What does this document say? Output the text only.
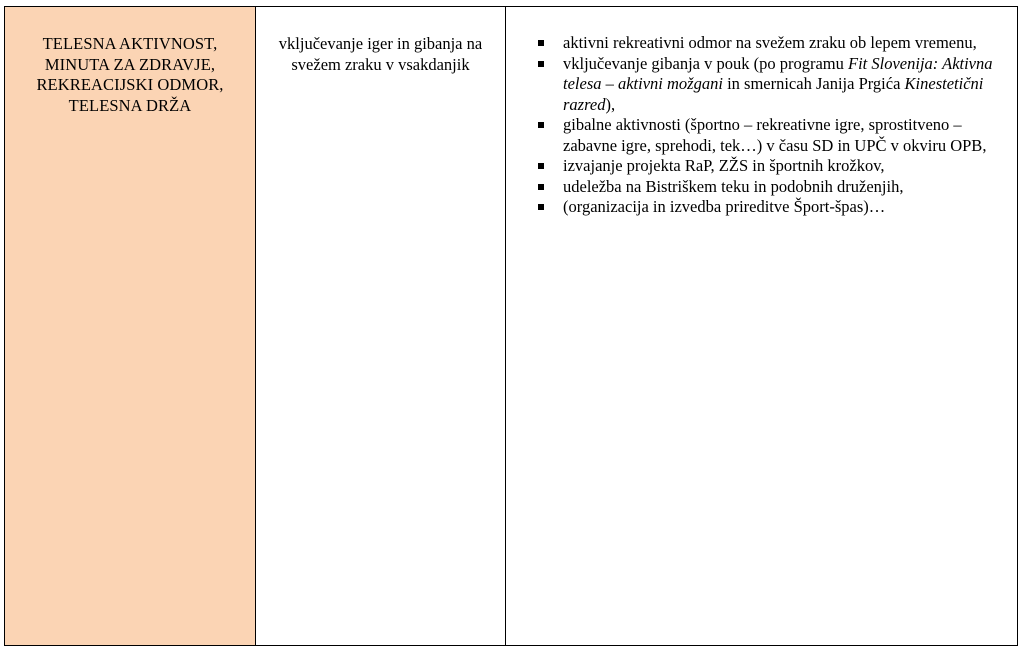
TELESNA AKTIVNOST, MINUTA ZA ZDRAVJE, REKREACIJSKI ODMOR, TELESNA DRŽA

vključevanje iger in gibanja na svežem zraku v vsakdanjik

aktivni rekreativni odmor na svežem zraku ob lepem vremenu,
vključevanje gibanja v pouk (po programu Fit Slovenija: Aktivna telesa – aktivni možgani in smernicah Janija Prgića Kinestetični razred),
gibalne aktivnosti (športno – rekreativne igre, sprostitveno – zabavne igre, sprehodi, tek…) v času SD in UPČ v okviru OPB,
izvajanje projekta RaP, ZŽS in športnih krožkov,
udeležba na Bistriškem teku in podobnih druženjih,
(organizacija in izvedba prireditve Šport-špas)…
